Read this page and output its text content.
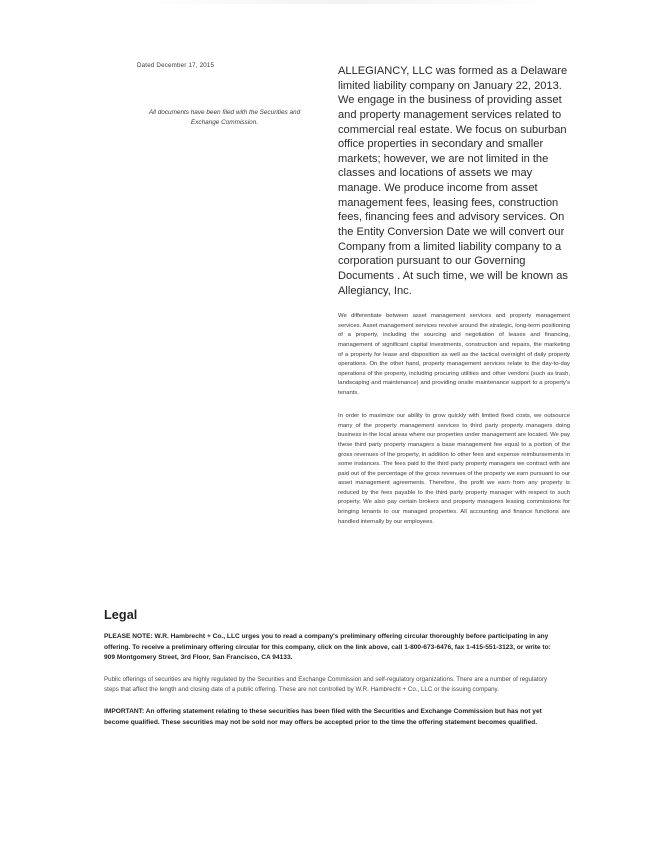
Dated December 17, 2015
All documents have been filed with the Securities and Exchange Commission.

ALLEGIANCY, LLC was formed as a Delaware limited liability company on January 22, 2013. We engage in the business of providing asset and property management services related to commercial real estate. We focus on suburban office properties in secondary and smaller markets; however, we are not limited in the classes and locations of assets we may manage. We produce income from asset management fees, leasing fees, construction fees, financing fees and advisory services. On the Entity Conversion Date we will convert our Company from a limited liability company to a corporation pursuant to our Governing Documents . At such time, we will be known as Allegiancy, Inc.

We differentiate between asset management services and property management services. Asset management services revolve around the strategic, long-term positioning of a property, including the sourcing and negotiation of leases and financing, management of significant capital investments, construction and repairs, the marketing of a property for lease and disposition as well as the tactical oversight of daily property operations. On the other hand, property management services relate to the day-to-day operations of the property, including procuring utilities and other vendors (such as trash, landscaping and maintenance) and providing onsite maintenance support to a property's tenants.

In order to maximize our ability to grow quickly with limited fixed costs, we outsource many of the property management services to third party property managers doing business in the local areas where our properties under management are located. We pay these third party property managers a base management fee equal to a portion of the gross revenues of the property, in addition to other fees and expense reimbursements in some instances. The fees paid to the third party property managers we contract with are paid out of the percentage of the gross revenues of the property we earn pursuant to our asset management agreements. Therefore, the profit we earn from any property is reduced by the fees payable to the third party property manager with respect to such property. We also pay certain brokers and property managers leasing commissions for bringing tenants to our managed properties. All accounting and finance functions are handled internally by our employees.

Legal

PLEASE NOTE: W.R. Hambrecht + Co., LLC urges you to read a company's preliminary offering circular thoroughly before participating in any offering. To receive a preliminary offering circular for this company, click on the link above, call 1-800-673-6476, fax 1-415-551-3123, or write to: 909 Montgomery Street, 3rd Floor, San Francisco, CA 94133.

Public offerings of securities are highly regulated by the Securities and Exchange Commission and self-regulatory organizations. There are a number of regulatory steps that affect the length and closing date of a public offering. These are not controlled by W.R. Hambrecht + Co., LLC or the issuing company.

IMPORTANT: An offering statement relating to these securities has been filed with the Securities and Exchange Commission but has not yet become qualified. These securities may not be sold nor may offers be accepted prior to the time the offering statement becomes qualified.
